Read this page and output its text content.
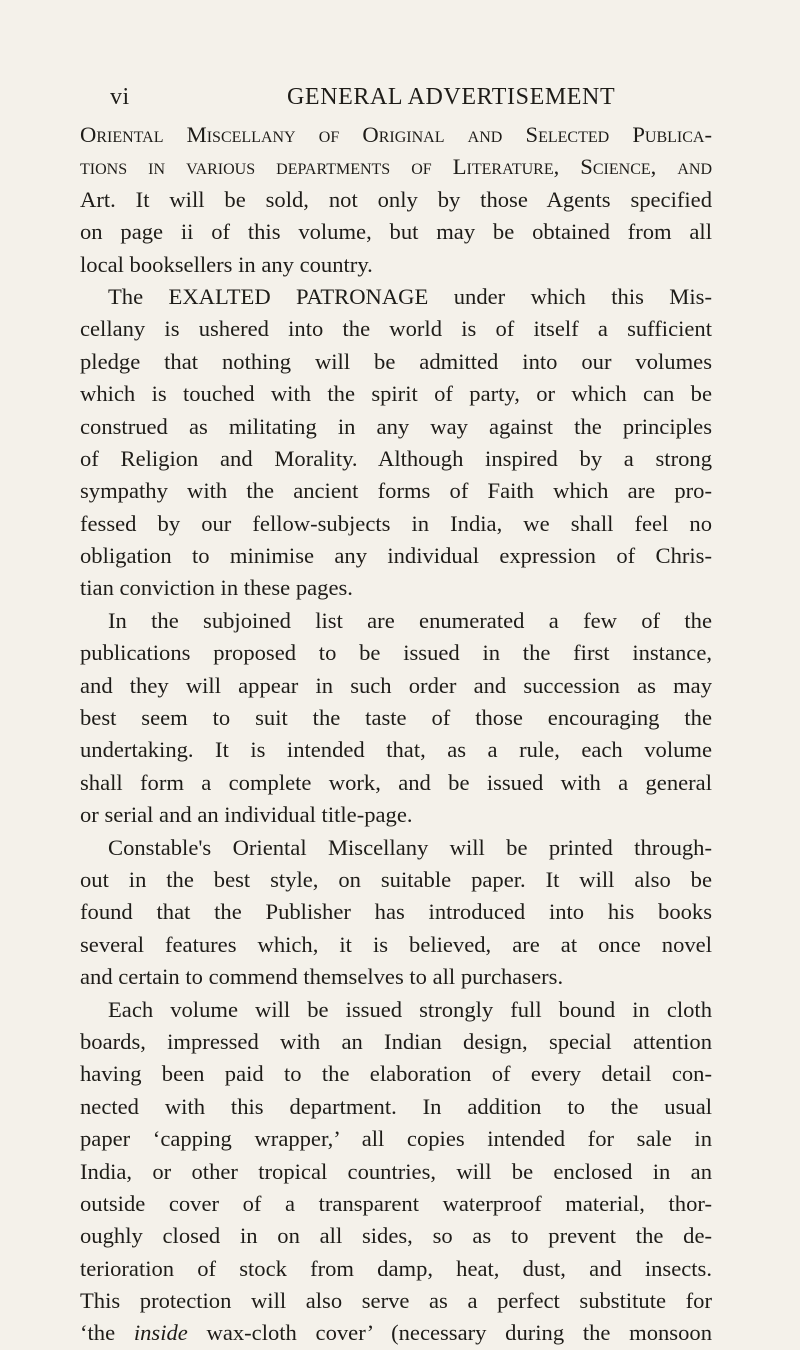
vi	GENERAL ADVERTISEMENT
Oriental Miscellany of Original and Selected Publica-
tions in various departments of Literature, Science, and
Art. It will be sold, not only by those Agents specified
on page ii of this volume, but may be obtained from all
local booksellers in any country.
The EXALTED PATRONAGE under which this Mis-
cellany is ushered into the world is of itself a sufficient
pledge that nothing will be admitted into our volumes
which is touched with the spirit of party, or which can be
construed as militating in any way against the principles
of Religion and Morality. Although inspired by a strong
sympathy with the ancient forms of Faith which are pro-
fessed by our fellow-subjects in India, we shall feel no
obligation to minimise any individual expression of Chris-
tian conviction in these pages.
In the subjoined list are enumerated a few of the
publications proposed to be issued in the first instance,
and they will appear in such order and succession as may
best seem to suit the taste of those encouraging the
undertaking. It is intended that, as a rule, each volume
shall form a complete work, and be issued with a general
or serial and an individual title-page.
Constable's Oriental Miscellany will be printed through-
out in the best style, on suitable paper. It will also be
found that the Publisher has introduced into his books
several features which, it is believed, are at once novel
and certain to commend themselves to all purchasers.
Each volume will be issued strongly full bound in cloth
boards, impressed with an Indian design, special attention
having been paid to the elaboration of every detail con-
nected with this department. In addition to the usual
paper ‘capping wrapper,’ all copies intended for sale in
India, or other tropical countries, will be enclosed in an
outside cover of a transparent waterproof material, thor-
oughly closed in on all sides, so as to prevent the de-
terioration of stock from damp, heat, dust, and insects.
This protection will also serve as a perfect substitute for
‘the inside wax-cloth cover’ (necessary during the monsoon
